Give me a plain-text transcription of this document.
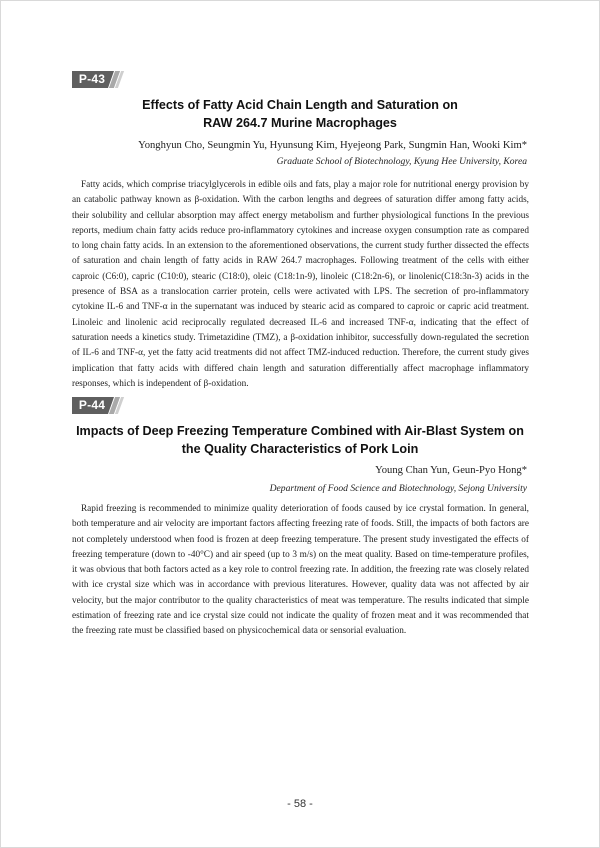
P-43
Effects of Fatty Acid Chain Length and Saturation on
RAW 264.7 Murine Macrophages
Yonghyun Cho, Seungmin Yu, Hyunsung Kim, Hyejeong Park, Sungmin Han, Wooki Kim*
Graduate School of Biotechnology, Kyung Hee University, Korea
Fatty acids, which comprise triacylglycerols in edible oils and fats, play a major role for nutritional energy provision by an catabolic pathway known as β-oxidation. With the carbon lengths and degrees of saturation differ among fatty acids, their solubility and cellular absorption may affect energy metabolism and further physiological functions In the previous reports, medium chain fatty acids reduce pro-inflammatory cytokines and increase oxygen consumption rate as compared to long chain fatty acids. In an extension to the aforementioned observations, the current study further dissected the effects of saturation and chain length of fatty acids in RAW 264.7 macrophages. Following treatment of the cells with either caproic (C6:0), capric (C10:0), stearic (C18:0), oleic (C18:1n-9), linoleic (C18:2n-6), or linolenic(C18:3n-3) acids in the presence of BSA as a translocation carrier protein, cells were activated with LPS. The secretion of pro-inflammatory cytokine IL-6 and TNF-α in the supernatant was induced by stearic acid as compared to caproic or capric acid treatment. Linoleic and linolenic acid reciprocally regulated decreased IL-6 and increased TNF-α, indicating that the effect of saturation needs a kinetics study. Trimetazidine (TMZ), a β-oxidation inhibitor, successfully down-regulated the secretion of IL-6 and TNF-α, yet the fatty acid treatments did not affect TMZ-induced reduction. Therefore, the current study gives implication that fatty acids with differed chain length and saturation differentially affect macrophage inflammatory responses, which is independent of β-oxidation.
P-44
Impacts of Deep Freezing Temperature Combined with Air-Blast System on
the Quality Characteristics of Pork Loin
Young Chan Yun, Geun-Pyo Hong*
Department of Food Science and Biotechnology, Sejong University
Rapid freezing is recommended to minimize quality deterioration of foods caused by ice crystal formation. In general, both temperature and air velocity are important factors affecting freezing rate of foods. Still, the impacts of both factors are not completely understood when food is frozen at deep freezing temperature. The present study investigated the effects of freezing temperature (down to -40°C) and air speed (up to 3 m/s) on the meat quality. Based on time-temperature profiles, it was obvious that both factors acted as a key role to control freezing rate. In addition, the freezing rate was closely related with ice crystal size which was in accordance with previous literatures. However, quality data was not affected by air velocity, but the major contributor to the quality characteristics of meat was temperature. The results indicated that simple estimation of freezing rate and ice crystal size could not indicate the quality of frozen meat and it was recommended that the freezing rate must be classified based on physicochemical data or sensorial evaluation.
- 58 -
